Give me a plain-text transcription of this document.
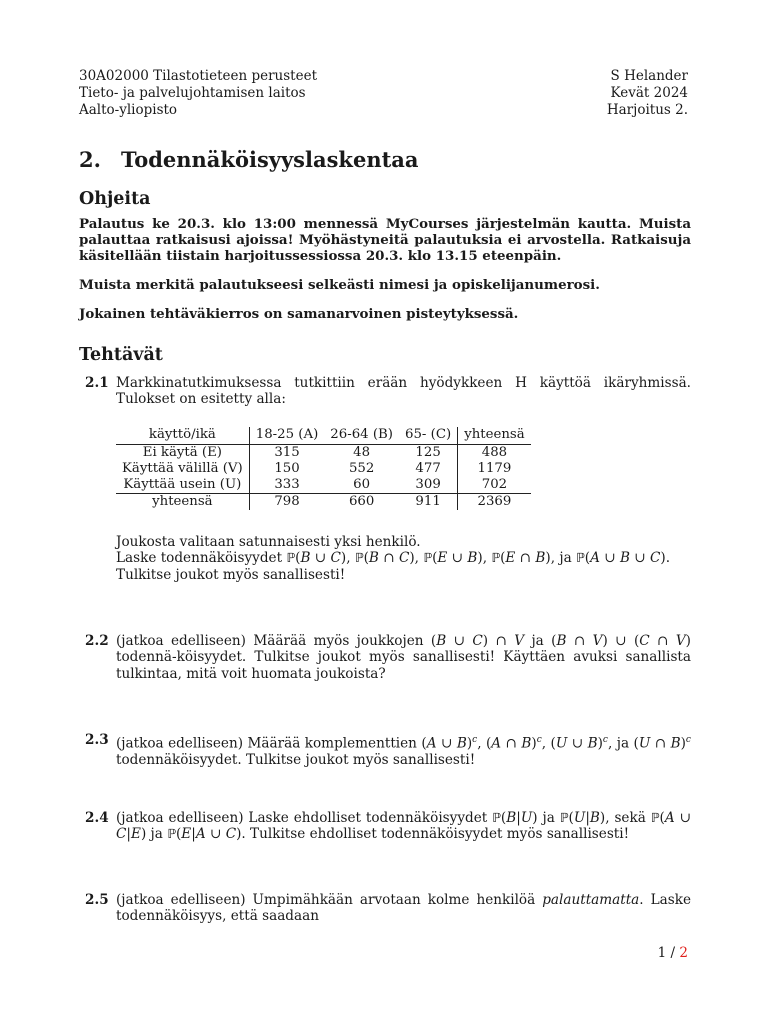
30A02000 Tilastotieteen perusteet
Tieto- ja palvelujohtamisen laitos
Aalto-yliopisto
S Helander
Kevät 2024
Harjoitus 2.
2. Todennäköisyyslaskentaa
Ohjeita
Palautus ke 20.3. klo 13:00 mennessä MyCourses järjestelmän kautta. Muista palauttaa ratkaisusi ajoissa! Myöhästyneitä palautuksia ei arvostella. Ratkaisuja käsitellään tiistain harjoitussessiossa 20.3. klo 13.15 eteenpäin.
Muista merkitä palautukseesi selkeästi nimesi ja opiskelijanumerosi.
Jokainen tehtäväkierros on samanarvoinen pisteytyksessä.
Tehtävät
2.1 Markkinatutkimuksessa tutkittiin erään hyödykkeen H käyttöä ikäryhmissä. Tulokset on esitetty alla:
käyttö/ikä	18-25 (A)	26-64 (B)	65- (C)	yhteensä
Ei käytä (E)	315	48	125	488
Käyttää välillä (V)	150	552	477	1179
Käyttää usein (U)	333	60	309	702
yhteensä	798	660	911	2369
Joukosta valitaan satunnaisesti yksi henkilö.
Laske todennäköisyydet ℙ(B ∪ C), ℙ(B ∩ C), ℙ(E ∪ B), ℙ(E ∩ B), ja ℙ(A ∪ B ∪ C).
Tulkitse joukot myös sanallisesti!
2.2 (jatkoa edelliseen) Määrää myös joukkojen (B ∪ C) ∩ V ja (B ∩ V) ∪ (C ∩ V) todennä-köisyydet. Tulkitse joukot myös sanallisesti! Käyttäen avuksi sanallista tulkintaa, mitä voit huomata joukoista?
2.3 (jatkoa edelliseen) Määrää komplementtien (A ∪ B)$^c$, (A ∩ B)$^c$, (U ∪ B)$^c$, ja (U ∩ B)$^c$ todennäköisyydet. Tulkitse joukot myös sanallisesti!
2.4 (jatkoa edelliseen) Laske ehdolliset todennäköisyydet ℙ(B|U) ja ℙ(U|B), sekä ℙ(A ∪ C|E) ja ℙ(E|A ∪ C). Tulkitse ehdolliset todennäköisyydet myös sanallisesti!
2.5 (jatkoa edelliseen) Umpimähkään arvotaan kolme henkilöä palauttamatta. Laske todennäköisyys, että saadaan
1 / 2
